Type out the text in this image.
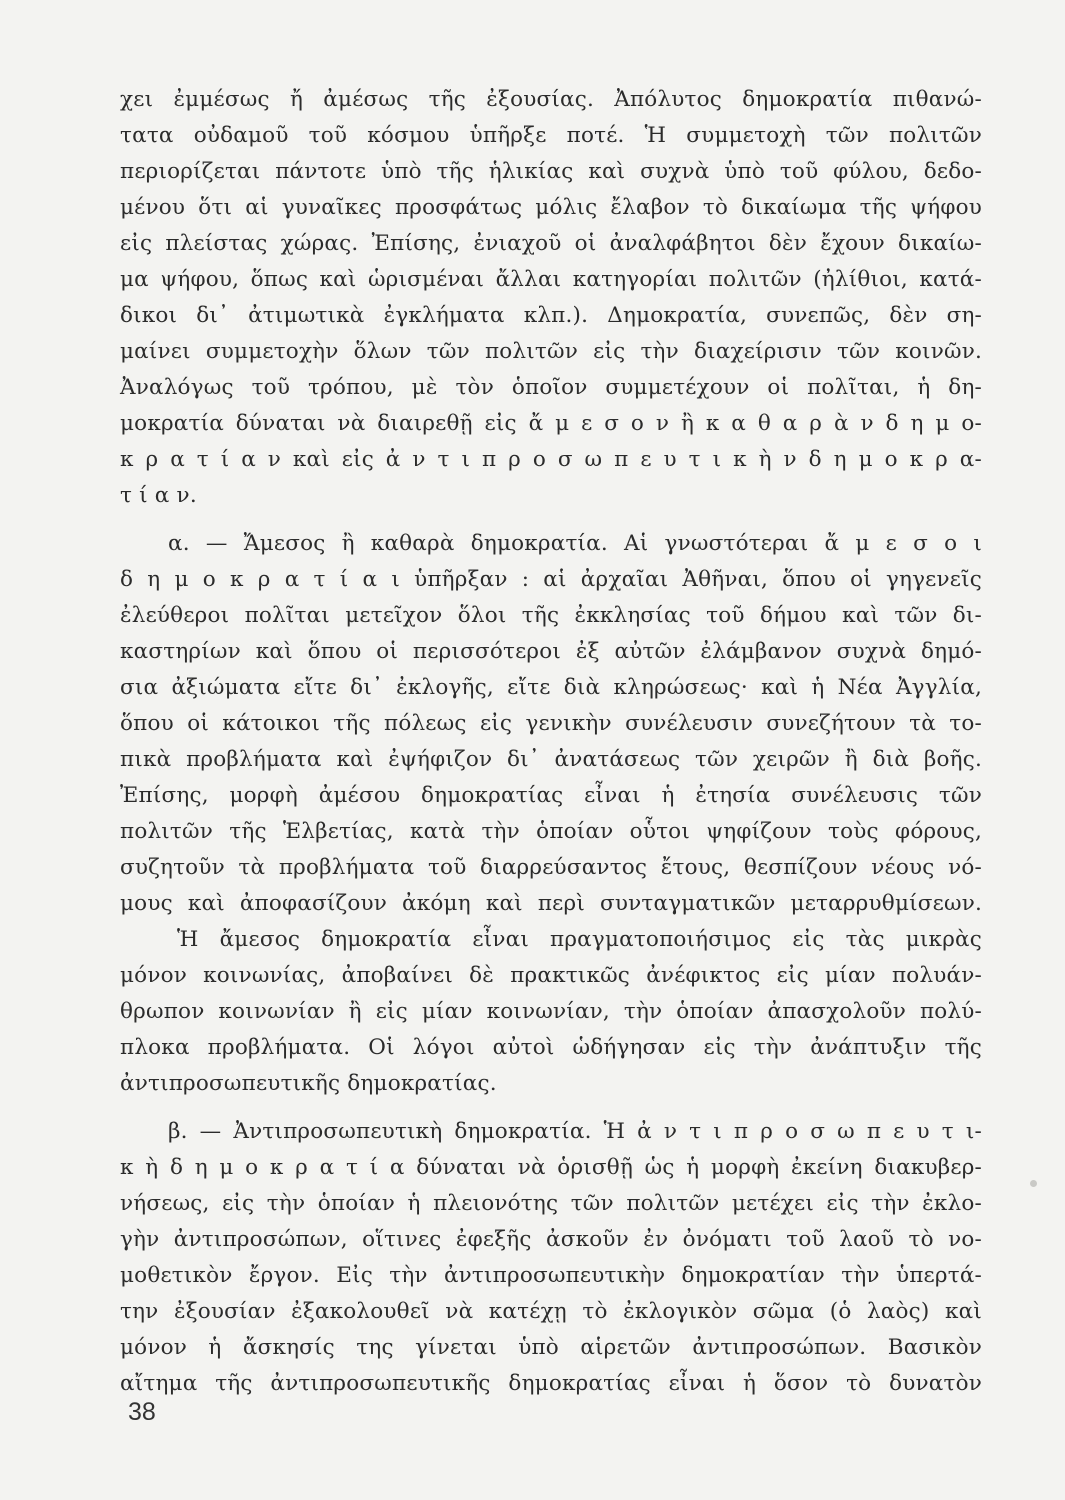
χει ἐμμέσως ἤ ἀμέσως τῆς ἐξουσίας. Ἀπόλυτος δημοκρατία πιθανώ-
τατα οὐδαμοῦ τοῦ κόσμου ὑπῆρξε ποτέ. Ἡ συμμετοχὴ τῶν πολιτῶν
περιορίζεται πάντοτε ὑπὸ τῆς ἡλικίας καὶ συχνὰ ὑπὸ τοῦ φύλου, δεδο-
μένου ὅτι αἱ γυναῖκες προσφάτως μόλις ἔλαβον τὸ δικαίωμα τῆς ψήφου
εἰς πλείστας χώρας. Ἐπίσης, ἐνιαχοῦ οἱ ἀναλφάβητοι δὲν ἔχουν δικαίω-
μα ψήφου, ὅπως καὶ ὡρισμέναι ἄλλαι κατηγορίαι πολιτῶν (ἠλίθιοι, κατά-
δικοι δι᾽ ἀτιμωτικὰ ἐγκλήματα κλπ.). Δημοκρατία, συνεπῶς, δὲν ση-
μαίνει συμμετοχὴν ὅλων τῶν πολιτῶν εἰς τὴν διαχείρισιν τῶν κοινῶν.
Ἀναλόγως τοῦ τρόπου, μὲ τὸν ὁποῖον συμμετέχουν οἱ πολῖται, ἡ δη-
μοκρατία δύναται νὰ διαιρεθῇ εἰς ἄ μ ε σ ο ν ἢ κ α θ α ρ ὰ ν δ η μ ο-
κ ρ α τ ί α ν καὶ εἰς ἀ ν τ ι π ρ ο σ ω π ε υ τ ι κ ὴ ν δ η μ ο κ ρ α-
τ ί α ν.
α. — Ἄμεσος ἢ καθαρὰ δημοκρατία. Αἱ γνωστότεραι ἄ μ ε σ ο ι
δ η μ ο κ ρ α τ ί α ι ὑπῆρξαν : αἱ ἀρχαῖαι Ἀθῆναι, ὅπου οἱ γηγενεῖς
ἐλεύθεροι πολῖται μετεῖχον ὅλοι τῆς ἐκκλησίας τοῦ δήμου καὶ τῶν δι-
καστηρίων καὶ ὅπου οἱ περισσότεροι ἐξ αὐτῶν ἐλάμβανον συχνὰ δημό-
σια ἀξιώματα εἴτε δι᾽ ἐκλογῆς, εἴτε διὰ κληρώσεως· καὶ ἡ Νέα Ἀγγλία,
ὅπου οἱ κάτοικοι τῆς πόλεως εἰς γενικὴν συνέλευσιν συνεζήτουν τὰ το-
πικὰ προβλήματα καὶ ἐψήφιζον δι᾽ ἀνατάσεως τῶν χειρῶν ἢ διὰ βοῆς.
Ἐπίσης, μορφὴ ἀμέσου δημοκρατίας εἶναι ἡ ἐτησία συνέλευσις τῶν
πολιτῶν τῆς Ἑλβετίας, κατὰ τὴν ὁποίαν οὗτοι ψηφίζουν τοὺς φόρους,
συζητοῦν τὰ προβλήματα τοῦ διαρρεύσαντος ἔτους, θεσπίζουν νέους νό-
μους καὶ ἀποφασίζουν ἀκόμη καὶ περὶ συνταγματικῶν μεταρρυθμίσεων.
Ἡ ἄμεσος δημοκρατία εἶναι πραγματοποιήσιμος εἰς τὰς μικρὰς
μόνον κοινωνίας, ἀποβαίνει δὲ πρακτικῶς ἀνέφικτος εἰς μίαν πολυάν-
θρωπον κοινωνίαν ἢ εἰς μίαν κοινωνίαν, τὴν ὁποίαν ἀπασχολοῦν πολύ-
πλοκα προβλήματα. Οἱ λόγοι αὐτοὶ ὡδήγησαν εἰς τὴν ἀνάπτυξιν τῆς
ἀντιπροσωπευτικῆς δημοκρατίας.
β. — Ἀντιπροσωπευτικὴ δημοκρατία. Ἡ ἀ ν τ ι π ρ ο σ ω π ε υ τ ι-
κ ὴ δ η μ ο κ ρ α τ ί α δύναται νὰ ὁρισθῇ ὡς ἡ μορφὴ ἐκείνη διακυβερ-
νήσεως, εἰς τὴν ὁποίαν ἡ πλειονότης τῶν πολιτῶν μετέχει εἰς τὴν ἐκλο-
γὴν ἀντιπροσώπων, οἵτινες ἐφεξῆς ἀσκοῦν ἐν ὀνόματι τοῦ λαοῦ τὸ νο-
μοθετικὸν ἔργον. Εἰς τὴν ἀντιπροσωπευτικὴν δημοκρατίαν τὴν ὑπερτά-
την ἐξουσίαν ἐξακολουθεῖ νὰ κατέχῃ τὸ ἐκλογικὸν σῶμα (ὁ λαὸς) καὶ
μόνον ἡ ἄσκησίς της γίνεται ὑπὸ αἱρετῶν ἀντιπροσώπων. Βασικὸν
αἴτημα τῆς ἀντιπροσωπευτικῆς δημοκρατίας εἶναι ἡ ὅσον τὸ δυνατὸν
38
